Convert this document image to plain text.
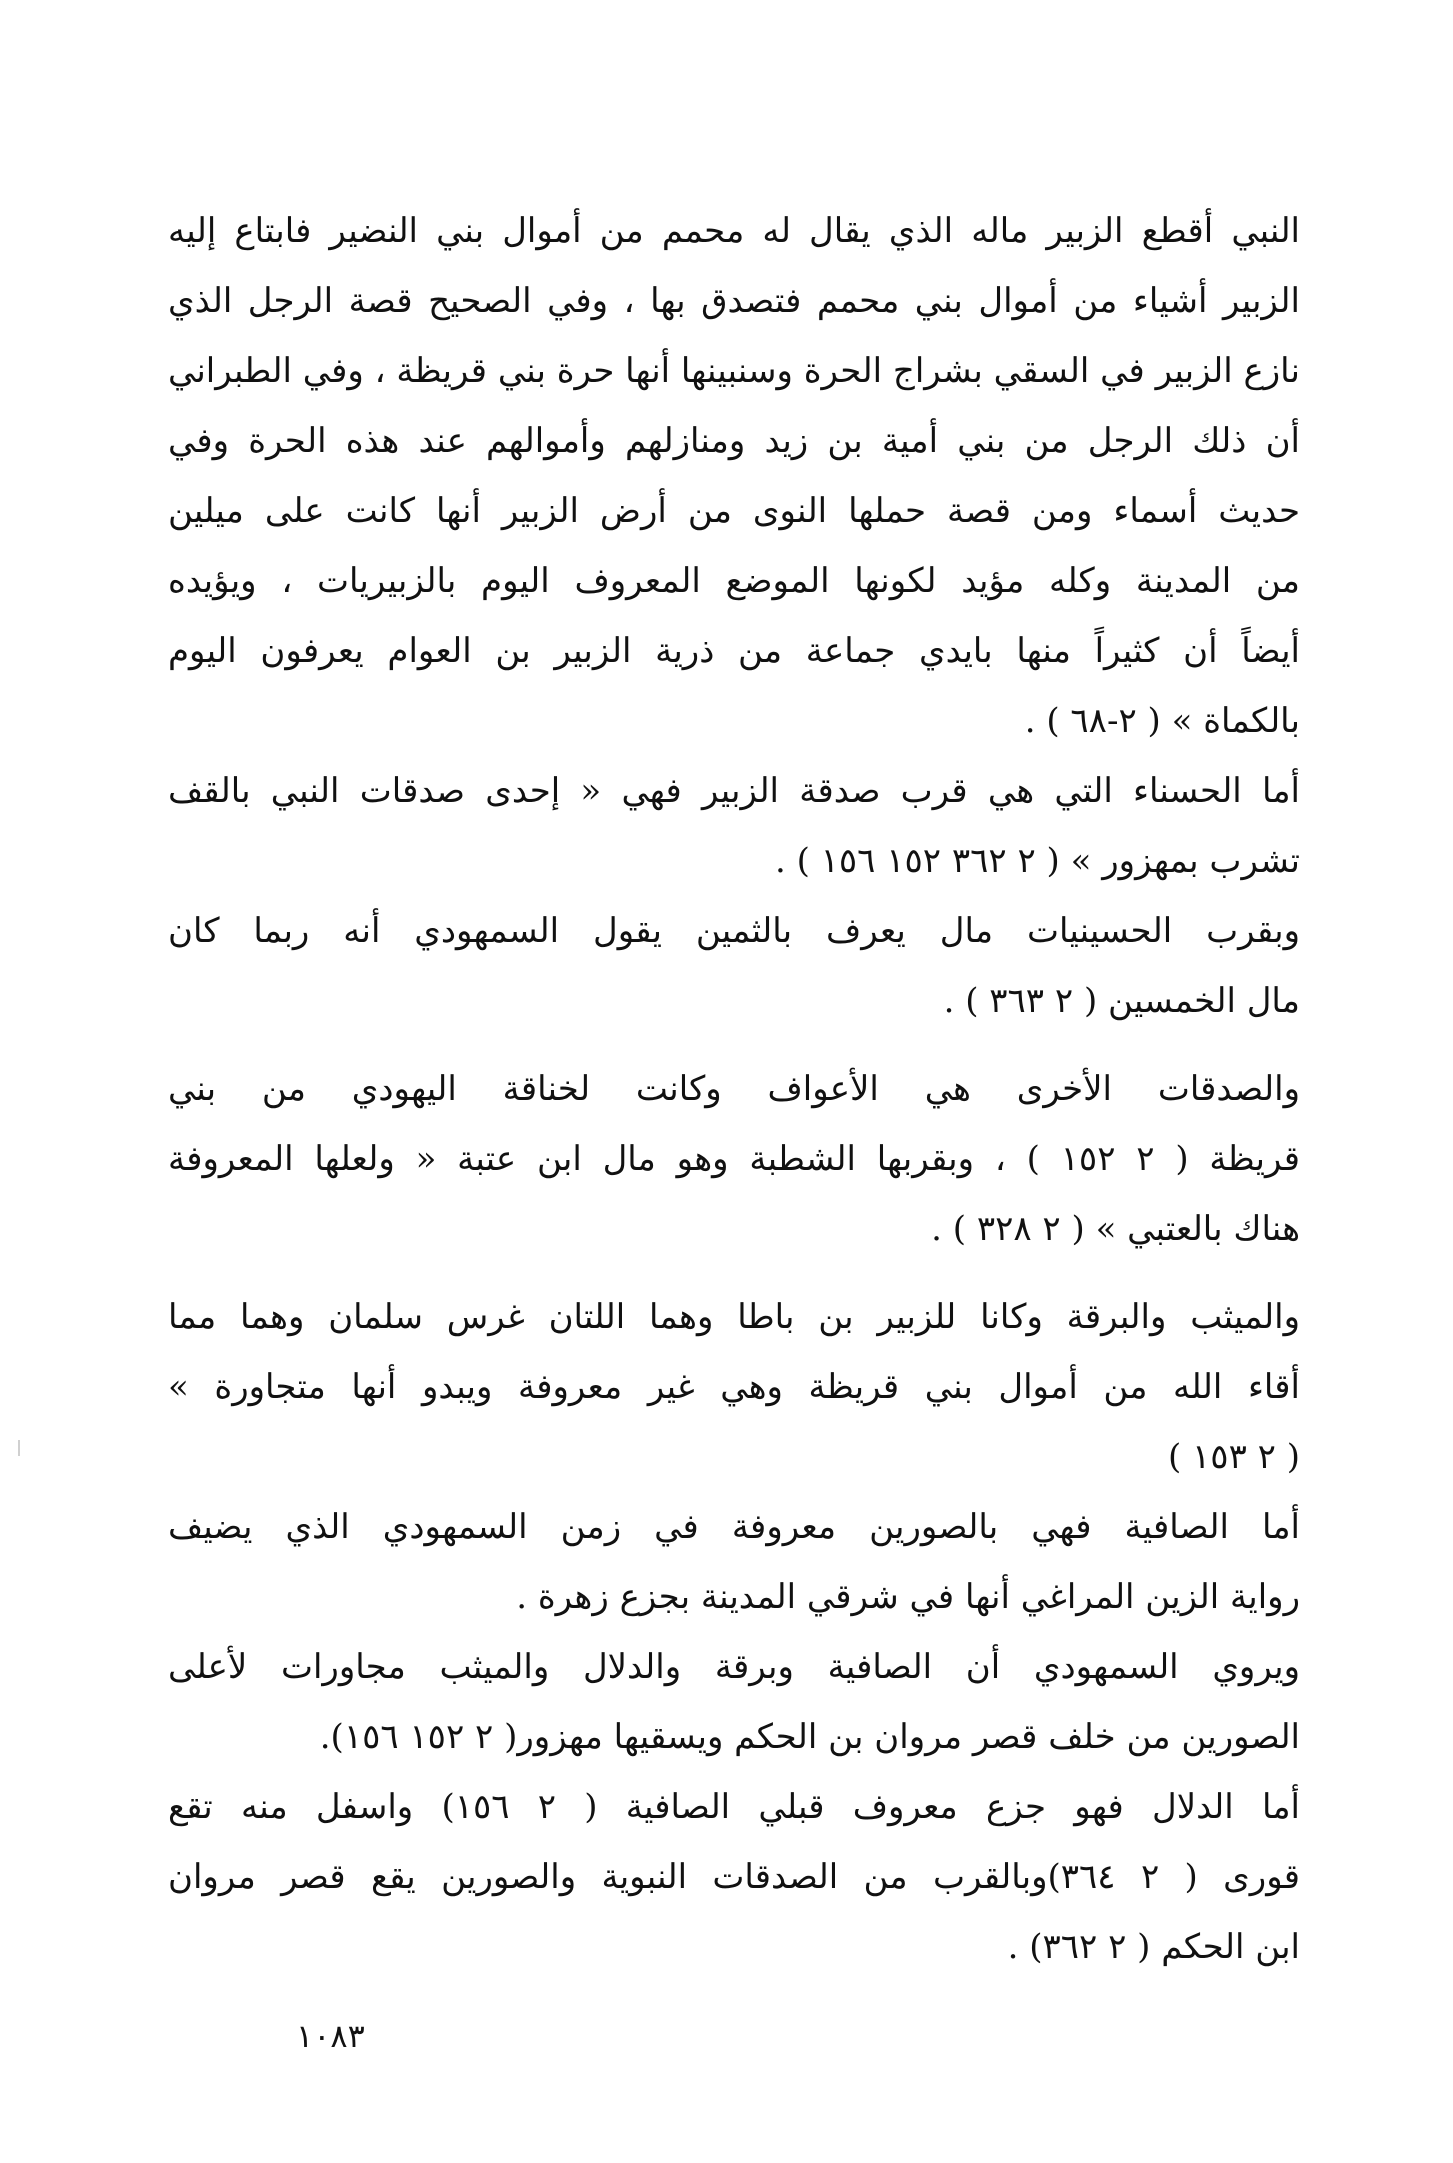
النبي أقطع الزبير ماله الذي يقال له محمم من أموال بني النضير فابتاع إليه
الزبير أشياء من أموال بني محمم فتصدق بها ، وفي الصحيح قصة الرجل الذي
نازع الزبير في السقي بشراج الحرة وسنبينها أنها حرة بني قريظة ، وفي الطبراني
أن ذلك الرجل من بني أمية بن زيد ومنازلهم وأموالهم عند هذه الحرة وفي
حديث أسماء ومن قصة حملها النوى من أرض الزبير أنها كانت على ميلين
من المدينة وكله مؤيد لكونها الموضع المعروف اليوم بالزبيريات ، ويؤيده
أيضاً أن كثيراً منها بايدي جماعة من ذرية الزبير بن العوام يعرفون اليوم
بالكماة » ( ٢-٦٨ ) .
أما الحسناء التي هي قرب صدقة الزبير فهي « إحدى صدقات النبي بالقف
تشرب بمهزور » ( ٢ ٣٦٢ ١٥٢ ١٥٦ ) .
وبقرب الحسينيات مال يعرف بالثمين يقول السمهودي أنه ربما كان
مال الخمسين ( ٢ ٣٦٣ ) .
والصدقات الأخرى هي الأعواف وكانت لخناقة اليهودي من بني
قريظة ( ٢ ١٥٢ ) ، وبقربها الشطبة وهو مال ابن عتبة « ولعلها المعروفة
هناك بالعتبي » ( ٢ ٣٢٨ ) .
والميثب والبرقة وكانا للزبير بن باطا وهما اللتان غرس سلمان وهما مما
أقاء الله من أموال بني قريظة وهي غير معروفة ويبدو أنها متجاورة »
( ٢ ١٥٣ )
أما الصافية فهي بالصورين معروفة في زمن السمهودي الذي يضيف
رواية الزين المراغي أنها في شرقي المدينة بجزع زهرة .
ويروي السمهودي أن الصافية وبرقة والدلال والميثب مجاورات لأعلى
الصورين من خلف قصر مروان بن الحكم ويسقيها مهزور( ٢ ١٥٢ ١٥٦).
أما الدلال فهو جزع معروف قبلي الصافية ( ٢ ١٥٦) واسفل منه تقع
قورى ( ٢ ٣٦٤)وبالقرب من الصدقات النبوية والصورين يقع قصر مروان
ابن الحكم ( ٢ ٣٦٢) .
١٠٨٣
